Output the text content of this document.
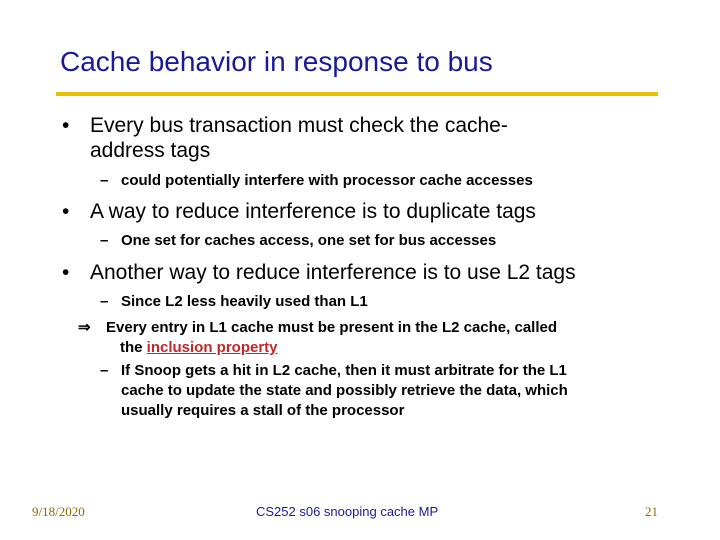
Cache behavior in response to bus
• Every bus transaction must check the cache-
address tags
– could potentially interfere with processor cache accesses
• A way to reduce interference is to duplicate tags
– One set for caches access, one set for bus accesses
• Another way to reduce interference is to use L2 tags
– Since L2 less heavily used than L1
⇒ Every entry in L1 cache must be present in the L2 cache, called
the inclusion property
– If Snoop gets a hit in L2 cache, then it must arbitrate for the L1
cache to update the state and possibly retrieve the data, which
usually requires a stall of the processor
9/18/2020	CS252 s06 snooping cache MP	21
